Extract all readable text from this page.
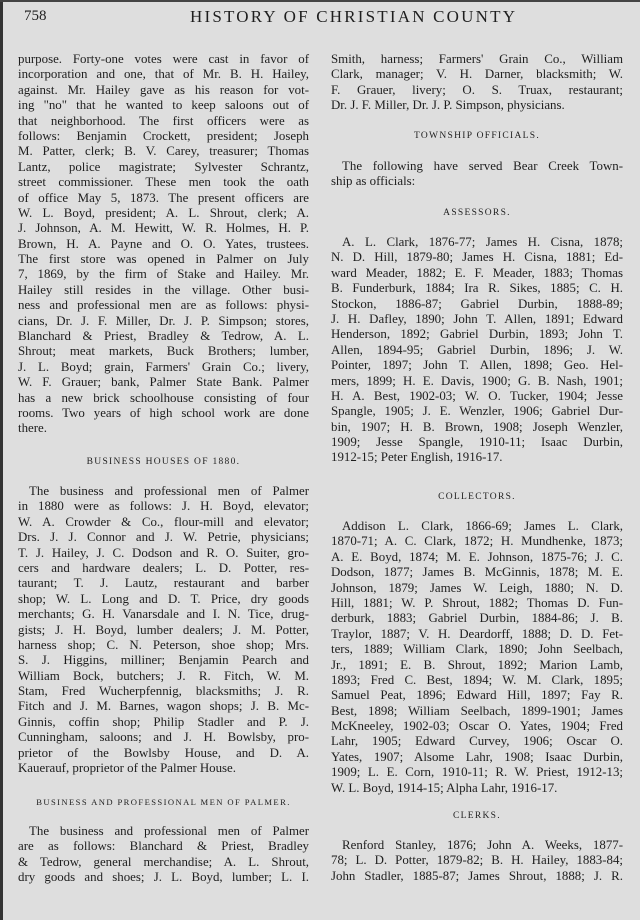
758	HISTORY OF CHRISTIAN COUNTY
purpose. Forty-one votes were cast in favor of
incorporation and one, that of Mr. B. H. Hailey,
against. Mr. Hailey gave as his reason for vot-
ing "no" that he wanted to keep saloons out of
that neighborhood. The first officers were as
follows: Benjamin Crockett, president; Joseph
M. Patter, clerk; B. V. Carey, treasurer; Thomas
Lantz, police magistrate; Sylvester Schrantz,
street commissioner. These men took the oath
of office May 5, 1873. The present officers are
W. L. Boyd, president; A. L. Shrout, clerk; A.
J. Johnson, A. M. Hewitt, W. R. Holmes, H. P.
Brown, H. A. Payne and O. O. Yates, trustees.
The first store was opened in Palmer on July
7, 1869, by the firm of Stake and Hailey. Mr.
Hailey still resides in the village. Other busi-
ness and professional men are as follows: physi-
cians, Dr. J. F. Miller, Dr. J. P. Simpson; stores,
Blanchard & Priest, Bradley & Tedrow, A. L.
Shrout; meat markets, Buck Brothers; lumber,
J. L. Boyd; grain, Farmers' Grain Co.; livery,
W. F. Grauer; bank, Palmer State Bank. Palmer
has a new brick schoolhouse consisting of four
rooms. Two years of high school work are done
there.
BUSINESS HOUSES OF 1880.
The business and professional men of Palmer
in 1880 were as follows: J. H. Boyd, elevator;
W. A. Crowder & Co., flour-mill and elevator;
Drs. J. J. Connor and J. W. Petrie, physicians;
T. J. Hailey, J. C. Dodson and R. O. Suiter, gro-
cers and hardware dealers; L. D. Potter, res-
taurant; T. J. Lautz, restaurant and barber
shop; W. L. Long and D. T. Price, dry goods
merchants; G. H. Vanarsdale and I. N. Tice, drug-
gists; J. H. Boyd, lumber dealers; J. M. Potter,
harness shop; C. N. Peterson, shoe shop; Mrs.
S. J. Higgins, milliner; Benjamin Pearch and
William Bock, butchers; J. R. Fitch, W. M.
Stam, Fred Wucherpfennig, blacksmiths; J. R.
Fitch and J. M. Barnes, wagon shops; J. B. Mc-
Ginnis, coffin shop; Philip Stadler and P. J.
Cunningham, saloons; and J. H. Bowlsby, pro-
prietor of the Bowlsby House, and D. A.
Kauerauf, proprietor of the Palmer House.
BUSINESS AND PROFESSIONAL MEN OF PALMER.
The business and professional men of Palmer
are as follows: Blanchard & Priest, Bradley
& Tedrow, general merchandise; A. L. Shrout,
dry goods and shoes; J. L. Boyd, lumber; L. I.
Smith, harness; Farmers' Grain Co., William
Clark, manager; V. H. Darner, blacksmith; W.
F. Grauer, livery; O. S. Truax, restaurant;
Dr. J. F. Miller, Dr. J. P. Simpson, physicians.
TOWNSHIP OFFICIALS.
The following have served Bear Creek Town-
ship as officials:
ASSESSORS.
A. L. Clark, 1876-77; James H. Cisna, 1878;
N. D. Hill, 1879-80; James H. Cisna, 1881; Ed-
ward Meader, 1882; E. F. Meader, 1883; Thomas
B. Funderburk, 1884; Ira R. Sikes, 1885; C. H.
Stockon, 1886-87; Gabriel Durbin, 1888-89;
J. H. Dafley, 1890; John T. Allen, 1891; Edward
Henderson, 1892; Gabriel Durbin, 1893; John T.
Allen, 1894-95; Gabriel Durbin, 1896; J. W.
Pointer, 1897; John T. Allen, 1898; Geo. Hel-
mers, 1899; H. E. Davis, 1900; G. B. Nash, 1901;
H. A. Best, 1902-03; W. O. Tucker, 1904; Jesse
Spangle, 1905; J. E. Wenzler, 1906; Gabriel Dur-
bin, 1907; H. B. Brown, 1908; Joseph Wenzler,
1909; Jesse Spangle, 1910-11; Isaac Durbin,
1912-15; Peter English, 1916-17.
COLLECTORS.
Addison L. Clark, 1866-69; James L. Clark,
1870-71; A. C. Clark, 1872; H. Mundhenke, 1873;
A. E. Boyd, 1874; M. E. Johnson, 1875-76; J. C.
Dodson, 1877; James B. McGinnis, 1878; M. E.
Johnson, 1879; James W. Leigh, 1880; N. D.
Hill, 1881; W. P. Shrout, 1882; Thomas D. Fun-
derburk, 1883; Gabriel Durbin, 1884-86; J. B.
Traylor, 1887; V. H. Deardorff, 1888; D. D. Fet-
ters, 1889; William Clark, 1890; John Seelbach,
Jr., 1891; E. B. Shrout, 1892; Marion Lamb,
1893; Fred C. Best, 1894; W. M. Clark, 1895;
Samuel Peat, 1896; Edward Hill, 1897; Fay R.
Best, 1898; William Seelbach, 1899-1901; James
McKneeley, 1902-03; Oscar O. Yates, 1904; Fred
Lahr, 1905; Edward Curvey, 1906; Oscar O.
Yates, 1907; Alsome Lahr, 1908; Isaac Durbin,
1909; L. E. Corn, 1910-11; R. W. Priest, 1912-13;
W. L. Boyd, 1914-15; Alpha Lahr, 1916-17.
CLERKS.
Renford Stanley, 1876; John A. Weeks, 1877-
78; L. D. Potter, 1879-82; B. H. Hailey, 1883-84;
John Stadler, 1885-87; James Shrout, 1888; J. R.
